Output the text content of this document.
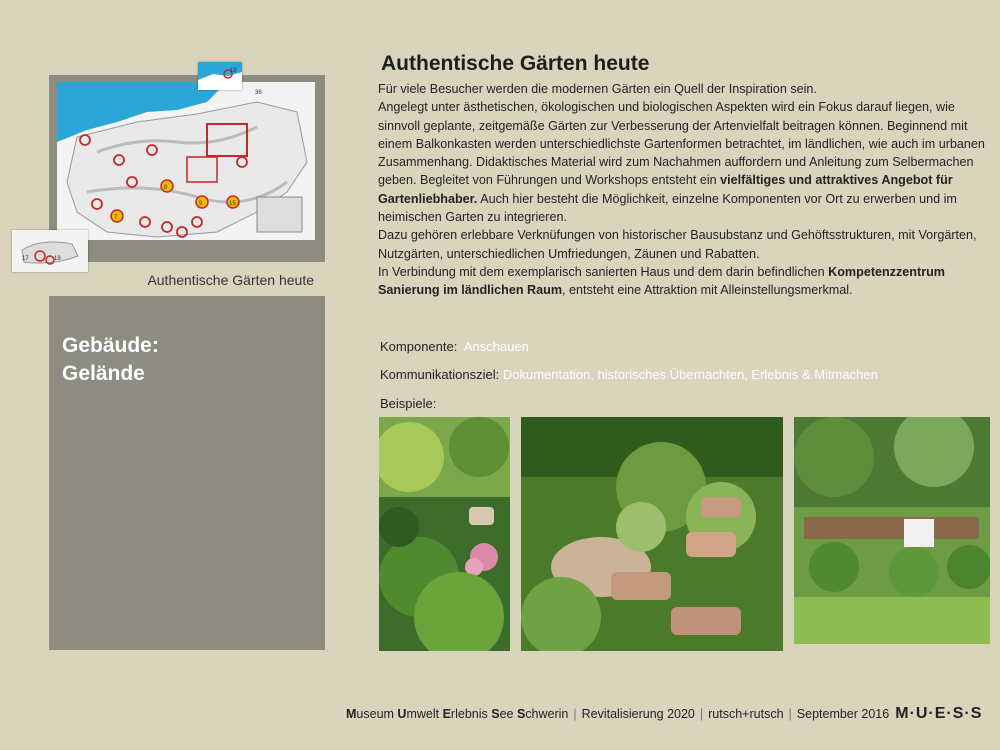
Authentische Gärten heute
Gebäude:
Gelände
36
7
8
9	15
19
17	18
Authentische Gärten heute

Für viele Besucher werden die modernen Gärten ein Quell der Inspiration sein.

Angelegt unter ästhetischen, ökologischen und biologischen Aspekten wird ein Fokus darauf liegen, wie sinnvoll geplante, zeitgemäße Gärten zur Verbesserung der Artenvielfalt beitragen können. Beginnend mit einem Balkonkasten werden unterschiedlichste Gartenformen betrachtet, im ländlichen, wie auch im urbanen Zusammenhang. Didaktisches Material wird zum Nachahmen auffordern und Anleitung zum Selbermachen geben. Begleitet von Führungen und Workshops entsteht ein vielfältiges und attraktives Angebot für Gartenliebhaber. Auch hier besteht die Möglichkeit, einzelne Komponenten vor Ort zu erwerben und im heimischen Garten zu integrieren.

Dazu gehören erlebbare Verknüfungen von historischer Bausubstanz und Gehöftsstrukturen, mit Vorgärten, Nutzgärten, unterschiedlichen Umfriedungen, Zäunen und Rabatten.

In Verbindung mit dem exemplarisch sanierten Haus und dem darin befindlichen Kompetenzzentrum Sanierung im ländlichen Raum, entsteht eine Attraktion mit Alleinstellungsmerkmal.

Komponente: Anschauen
Kommunikationsziel: Dokumentation, historisches Übernachten, Erlebnis & Mitmachen
Beispiele:
Museum Umwelt Erlebnis See Schwerin | Revitalisierung 2020 | rutsch+rutsch | September 2016 M·U·E·S·S
